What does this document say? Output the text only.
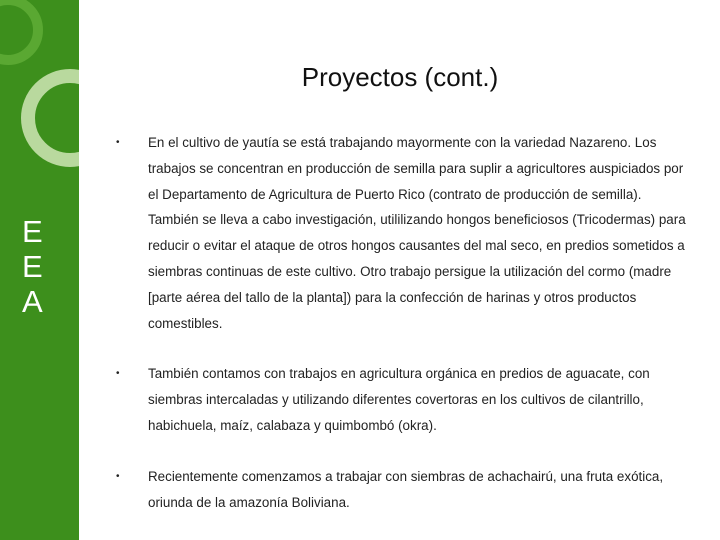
E
E
A
Proyectos (cont.)
• En el cultivo de yautía se está trabajando mayormente con la variedad Nazareno. Los trabajos se concentran en producción de semilla para suplir a agricultores auspiciados por el Departamento de Agricultura de Puerto Rico (contrato de producción de semilla). También se lleva a cabo investigación, utililizando hongos beneficiosos (Tricodermas) para reducir o evitar el ataque de otros hongos causantes del mal seco, en predios sometidos a siembras continuas de este cultivo. Otro trabajo persigue la utilización del cormo (madre [parte aérea del tallo de la planta]) para la confección de harinas y otros productos comestibles.
• También contamos con trabajos en agricultura orgánica en predios de aguacate, con siembras intercaladas y utilizando diferentes covertoras en los cultivos de cilantrillo, habichuela, maíz, calabaza y quimbombó (okra).
• Recientemente comenzamos a trabajar con siembras de achachairú, una fruta exótica, oriunda de la amazonía Boliviana.
